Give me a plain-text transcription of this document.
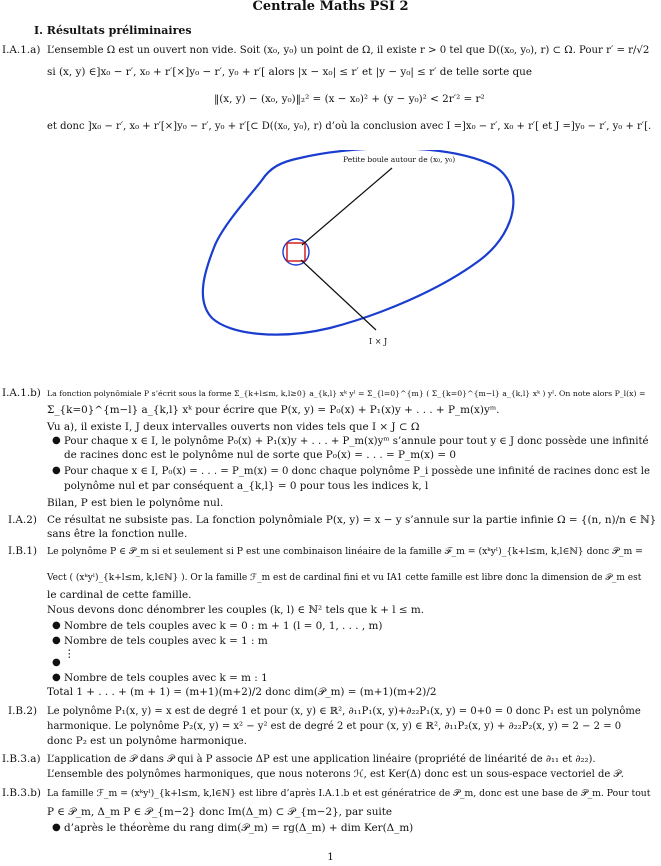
Centrale Maths PSI 2
I. Résultats préliminaires
I.A.1.a) L’ensemble Ω est un ouvert non vide. Soit (x₀, y₀) un point de Ω, il existe r > 0 tel que D((x₀, y₀), r) ⊂ Ω. Pour r′ = r/√2
si (x, y) ∈]x₀ − r′, x₀ + r′[×]y₀ − r′, y₀ + r′[ alors |x − x₀| ≤ r′ et |y − y₀| ≤ r′ de telle sorte que
‖(x, y) − (x₀, y₀)‖₂² = (x − x₀)² + (y − y₀)² < 2r′² = r²
et donc ]x₀ − r′, x₀ + r′[×]y₀ − r′, y₀ + r′[⊂ D((x₀, y₀), r) d’où la conclusion avec I =]x₀ − r′, x₀ + r′[ et J =]y₀ − r′, y₀ + r′[.
Petite boule autour de (x₀, y₀)
I × J
I.A.1.b) La fonction polynômiale P s’écrit sous la forme Σ_{k+l≤m, k,l≥0} a_{k,l} xᵏ yˡ = Σ_{l=0}^{m} ( Σ_{k=0}^{m−l} a_{k,l} xᵏ ) yˡ. On note alors P_l(x) =
Σ_{k=0}^{m−l} a_{k,l} xᵏ pour écrire que P(x, y) = P₀(x) + P₁(x)y + . . . + P_m(x)yᵐ.
Vu a), il existe I, J deux intervalles ouverts non vides tels que I × J ⊂ Ω
● Pour chaque x ∈ I, le polynôme P₀(x) + P₁(x)y + . . . + P_m(x)yᵐ s’annule pour tout y ∈ J donc possède une infinité
de racines donc est le polynôme nul de sorte que P₀(x) = . . . = P_m(x) = 0
● Pour chaque x ∈ I, P₀(x) = . . . = P_m(x) = 0 donc chaque polynôme P_i possède une infinité de racines donc est le
polynôme nul et par conséquent a_{k,l} = 0 pour tous les indices k, l
Bilan, P est bien le polynôme nul.
I.A.2) Ce résultat ne subsiste pas. La fonction polynômiale P(x, y) = x − y s’annule sur la partie infinie Ω = {(n, n)/n ∈ ℕ}
sans être la fonction nulle.
I.B.1) Le polynôme P ∈ 𝒫_m si et seulement si P est une combinaison linéaire de la famille ℱ_m = (xᵏyˡ)_{k+l≤m, k,l∈ℕ} donc 𝒫_m =
Vect ( (xᵏyˡ)_{k+l≤m, k,l∈ℕ} ). Or la famille ℱ_m est de cardinal fini et vu IA1 cette famille est libre donc la dimension de 𝒫_m est
le cardinal de cette famille.
Nous devons donc dénombrer les couples (k, l) ∈ ℕ² tels que k + l ≤ m.
● Nombre de tels couples avec k = 0 : m + 1 (l = 0, 1, . . . , m)
● Nombre de tels couples avec k = 1 : m
●
⋮
● Nombre de tels couples avec k = m : 1
Total 1 + . . . + (m + 1) = (m+1)(m+2)/2 donc dim(𝒫_m) = (m+1)(m+2)/2
I.B.2) Le polynôme P₁(x, y) = x est de degré 1 et pour (x, y) ∈ ℝ², ∂₁₁P₁(x, y)+∂₂₂P₁(x, y) = 0+0 = 0 donc P₁ est un polynôme
harmonique. Le polynôme P₂(x, y) = x² − y² est de degré 2 et pour (x, y) ∈ ℝ², ∂₁₁P₂(x, y) + ∂₂₂P₂(x, y) = 2 − 2 = 0
donc P₂ est un polynôme harmonique.
I.B.3.a) L’application de 𝒫 dans 𝒫 qui à P associe ΔP est une application linéaire (propriété de linéarité de ∂₁₁ et ∂₂₂).
L’ensemble des polynômes harmoniques, que nous noterons ℋ, est Ker(Δ) donc est un sous-espace vectoriel de 𝒫.
I.B.3.b) La famille ℱ_m = (xᵏyˡ)_{k+l≤m, k,l∈ℕ} est libre d’après I.A.1.b et est génératrice de 𝒫_m, donc est une base de 𝒫_m. Pour tout
P ∈ 𝒫_m, Δ_m P ∈ 𝒫_{m−2} donc Im(Δ_m) ⊂ 𝒫_{m−2}, par suite
● d’après le théorème du rang dim(𝒫_m) = rg(Δ_m) + dim Ker(Δ_m)
1
